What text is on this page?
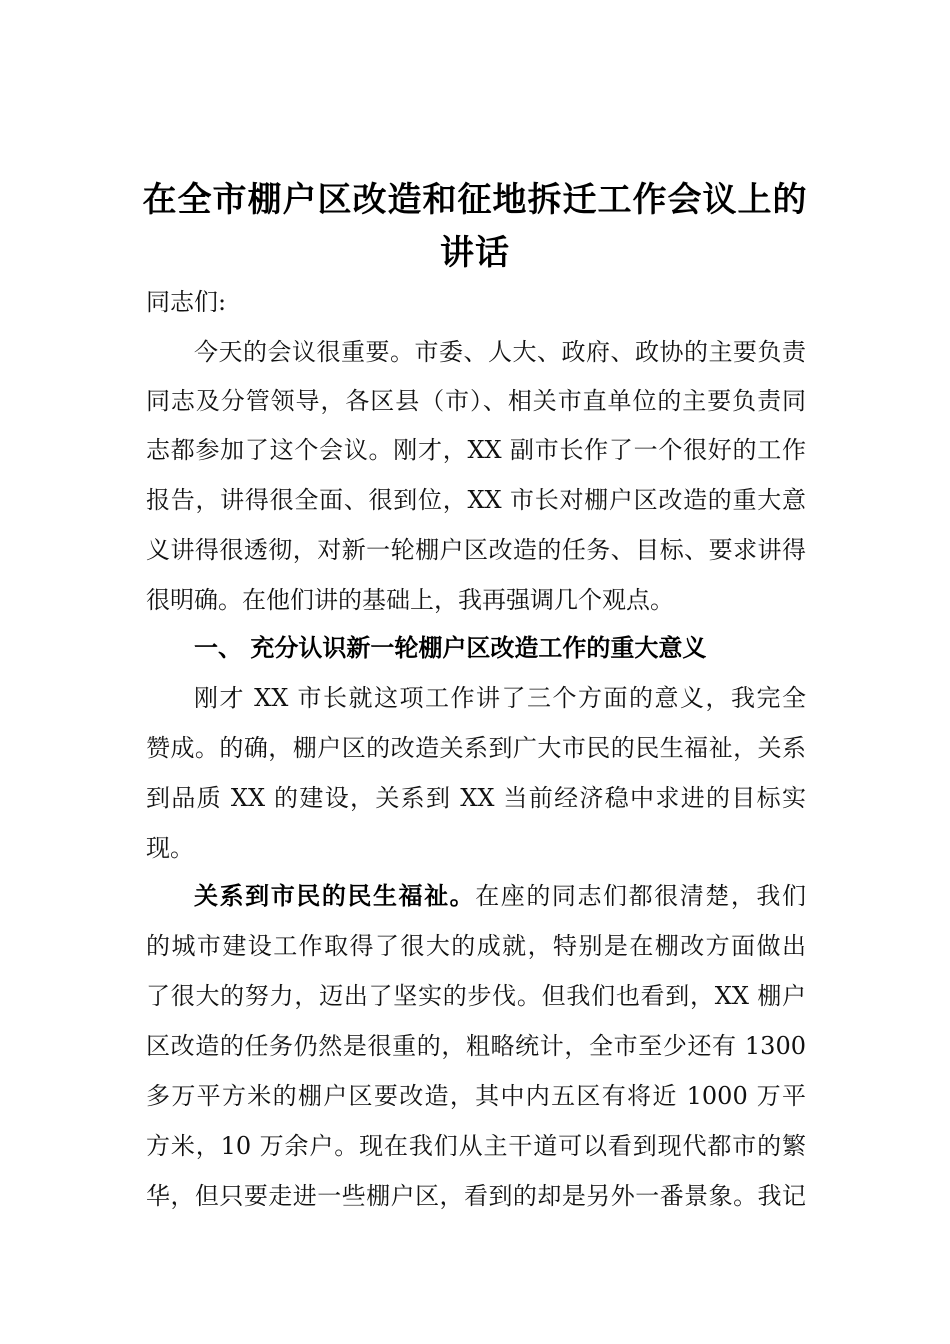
在全市棚户区改造和征地拆迁工作会议上的
讲话
同志们:
今天的会议很重要。市委、人大、政府、政协的主要负责
同志及分管领导，各区县（市）、相关市直单位的主要负责同
志都参加了这个会议。刚才，XX 副市长作了一个很好的工作
报告，讲得很全面、很到位，XX 市长对棚户区改造的重大意
义讲得很透彻，对新一轮棚户区改造的任务、目标、要求讲得
很明确。在他们讲的基础上，我再强调几个观点。
一、 充分认识新一轮棚户区改造工作的重大意义
刚才 XX 市长就这项工作讲了三个方面的意义，我完全
赞成。的确，棚户区的改造关系到广大市民的民生福祉，关系
到品质 XX 的建设，关系到 XX 当前经济稳中求进的目标实
现。
关系到市民的民生福祉。在座的同志们都很清楚，我们
的城市建设工作取得了很大的成就，特别是在棚改方面做出
了很大的努力，迈出了坚实的步伐。但我们也看到，XX 棚户
区改造的任务仍然是很重的，粗略统计，全市至少还有 1300
多万平方米的棚户区要改造，其中内五区有将近 1000 万平
方米，10 万余户。现在我们从主干道可以看到现代都市的繁
华，但只要走进一些棚户区，看到的却是另外一番景象。我记
